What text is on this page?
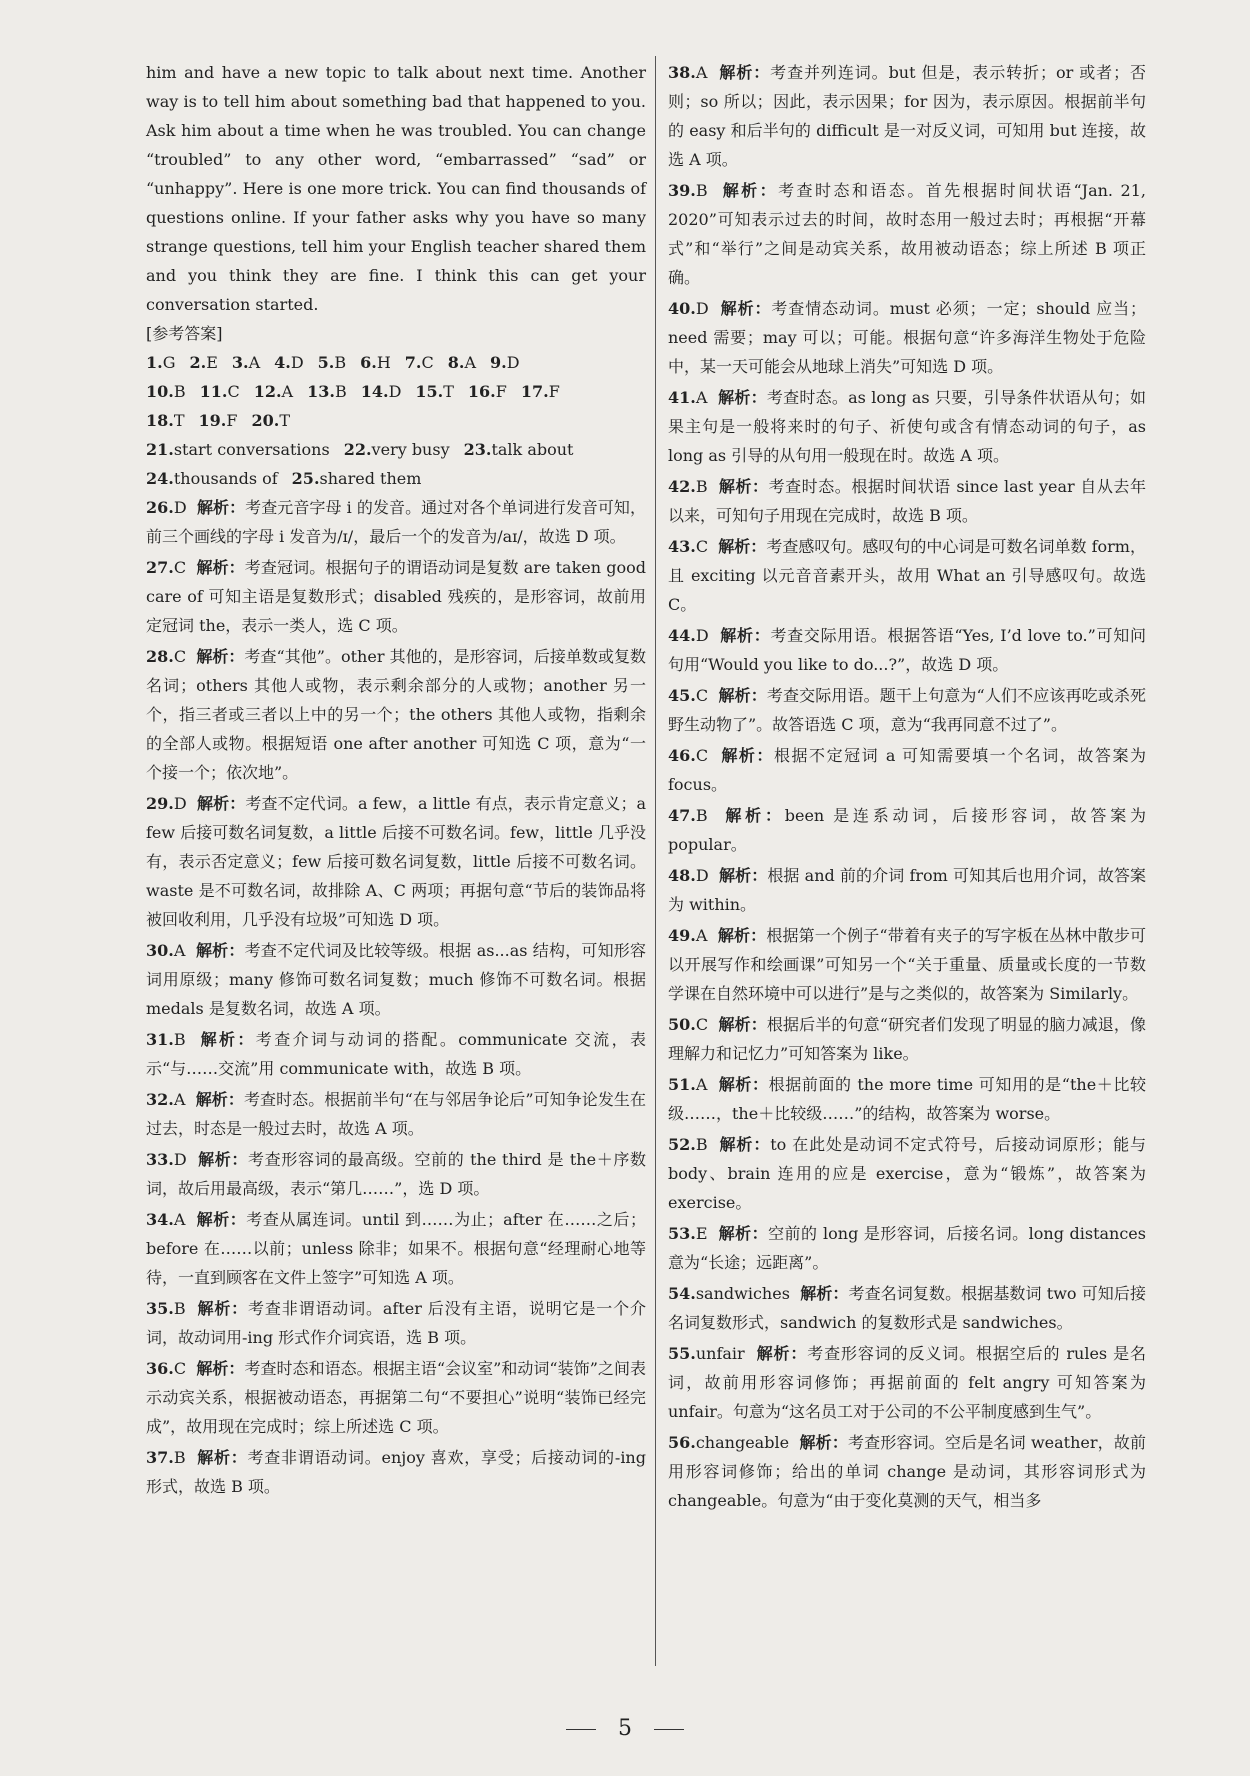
him and have a new topic to talk about next time. Another way is to tell him about something bad that happened to you. Ask him about a time when he was troubled. You can change “troubled” to any other word, “embarrassed” “sad” or “unhappy”. Here is one more trick. You can find thousands of questions online. If your father asks why you have so many strange questions, tell him your English teacher shared them and you think they are fine. I think this can get your conversation started.
[参考答案]
1.G 2.E 3.A 4.D 5.B 6.H 7.C 8.A 9.D
10.B 11.C 12.A 13.B 14.D 15.T 16.F 17.F
18.T 19.F 20.T
21.start conversations 22.very busy 23.talk about
24.thousands of 25.shared them
26.D  解析：考查元音字母 i 的发音。通过对各个单词进行发音可知，前三个画线的字母 i 发音为/ɪ/，最后一个的发音为/aɪ/，故选 D 项。
27.C  解析：考查冠词。根据句子的谓语动词是复数 are taken good care of 可知主语是复数形式；disabled 残疾的，是形容词，故前用定冠词 the，表示一类人，选 C 项。
28.C  解析：考查“其他”。other 其他的，是形容词，后接单数或复数名词；others 其他人或物，表示剩余部分的人或物；another 另一个，指三者或三者以上中的另一个；the others 其他人或物，指剩余的全部人或物。根据短语 one after another 可知选 C 项，意为“一个接一个；依次地”。
29.D  解析：考查不定代词。a few，a little 有点，表示肯定意义；a few 后接可数名词复数，a little 后接不可数名词。few，little 几乎没有，表示否定意义；few 后接可数名词复数，little 后接不可数名词。waste 是不可数名词，故排除 A、C 两项；再据句意“节后的装饰品将被回收利用，几乎没有垃圾”可知选 D 项。
30.A  解析：考查不定代词及比较等级。根据 as...as 结构，可知形容词用原级；many 修饰可数名词复数；much 修饰不可数名词。根据 medals 是复数名词，故选 A 项。
31.B  解析：考查介词与动词的搭配。communicate 交流，表示“与……交流”用 communicate with，故选 B 项。
32.A  解析：考查时态。根据前半句“在与邻居争论后”可知争论发生在过去，时态是一般过去时，故选 A 项。
33.D  解析：考查形容词的最高级。空前的 the third 是 the＋序数词，故后用最高级，表示“第几……”，选 D 项。
34.A  解析：考查从属连词。until 到……为止；after 在……之后；before 在……以前；unless 除非；如果不。根据句意“经理耐心地等待，一直到顾客在文件上签字”可知选 A 项。
35.B  解析：考查非谓语动词。after 后没有主语，说明它是一个介词，故动词用-ing 形式作介词宾语，选 B 项。
36.C  解析：考查时态和语态。根据主语“会议室”和动词“装饰”之间表示动宾关系，根据被动语态，再据第二句“不要担心”说明“装饰已经完成”，故用现在完成时；综上所述选 C 项。
37.B  解析：考查非谓语动词。enjoy 喜欢，享受；后接动词的-ing 形式，故选 B 项。
38.A  解析：考查并列连词。but 但是，表示转折；or 或者；否则；so 所以；因此，表示因果；for 因为，表示原因。根据前半句的 easy 和后半句的 difficult 是一对反义词，可知用 but 连接，故选 A 项。
39.B  解析：考查时态和语态。首先根据时间状语“Jan. 21, 2020”可知表示过去的时间，故时态用一般过去时；再根据“开幕式”和“举行”之间是动宾关系，故用被动语态；综上所述 B 项正确。
40.D  解析：考查情态动词。must 必须；一定；should 应当；need 需要；may 可以；可能。根据句意“许多海洋生物处于危险中，某一天可能会从地球上消失”可知选 D 项。
41.A  解析：考查时态。as long as 只要，引导条件状语从句；如果主句是一般将来时的句子、祈使句或含有情态动词的句子，as long as 引导的从句用一般现在时。故选 A 项。
42.B  解析：考查时态。根据时间状语 since last year 自从去年以来，可知句子用现在完成时，故选 B 项。
43.C  解析：考查感叹句。感叹句的中心词是可数名词单数 form，且 exciting 以元音音素开头，故用 What an 引导感叹句。故选 C。
44.D  解析：考查交际用语。根据答语“Yes, I’d love to.”可知问句用“Would you like to do...?”，故选 D 项。
45.C  解析：考查交际用语。题干上句意为“人们不应该再吃或杀死野生动物了”。故答语选 C 项，意为“我再同意不过了”。
46.C  解析：根据不定冠词 a 可知需要填一个名词，故答案为 focus。
47.B  解析：been 是连系动词，后接形容词，故答案为 popular。
48.D  解析：根据 and 前的介词 from 可知其后也用介词，故答案为 within。
49.A  解析：根据第一个例子“带着有夹子的写字板在丛林中散步可以开展写作和绘画课”可知另一个“关于重量、质量或长度的一节数学课在自然环境中可以进行”是与之类似的，故答案为 Similarly。
50.C  解析：根据后半的句意“研究者们发现了明显的脑力减退，像理解力和记忆力”可知答案为 like。
51.A  解析：根据前面的 the more time 可知用的是“the＋比较级……，the＋比较级……”的结构，故答案为 worse。
52.B  解析：to 在此处是动词不定式符号，后接动词原形；能与 body、brain 连用的应是 exercise，意为“锻炼”，故答案为 exercise。
53.E  解析：空前的 long 是形容词，后接名词。long distances 意为“长途；远距离”。
54.sandwiches  解析：考查名词复数。根据基数词 two 可知后接名词复数形式，sandwich 的复数形式是 sandwiches。
55.unfair  解析：考查形容词的反义词。根据空后的 rules 是名词，故前用形容词修饰；再据前面的 felt angry 可知答案为 unfair。句意为“这名员工对于公司的不公平制度感到生气”。
56.changeable  解析：考查形容词。空后是名词 weather，故前用形容词修饰；给出的单词 change 是动词，其形容词形式为 changeable。句意为“由于变化莫测的天气，相当多
5
